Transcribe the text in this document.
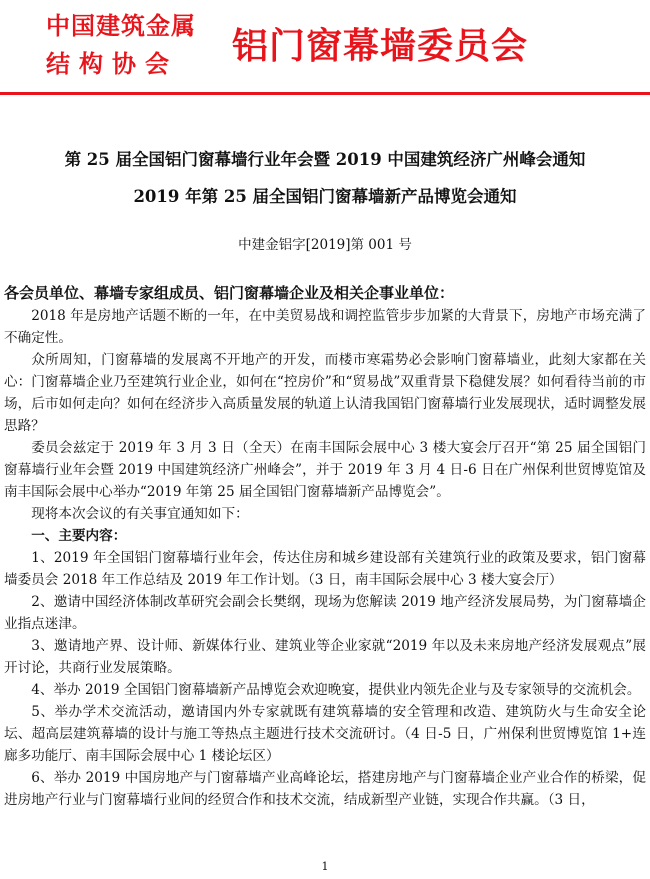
中国建筑金属
结构协会 铝门窗幕墙委员会
第 25 届全国铝门窗幕墙行业年会暨 2019 中国建筑经济广州峰会通知
2019 年第 25 届全国铝门窗幕墙新产品博览会通知
中建金铝字[2019]第 001 号
各会员单位、幕墙专家组成员、铝门窗幕墙企业及相关企事业单位：

2018 年是房地产话题不断的一年，在中美贸易战和调控监管步步加紧的大背景下，房地产市场充满了不确定性。

众所周知，门窗幕墙的发展离不开地产的开发，而楼市寒霜势必会影响门窗幕墙业，此刻大家都在关心：门窗幕墙企业乃至建筑行业企业，如何在“控房价”和“贸易战”双重背景下稳健发展？如何看待当前的市场，后市如何走向？如何在经济步入高质量发展的轨道上认清我国铝门窗幕墙行业发展现状，适时调整发展思路？

委员会兹定于 2019 年 3 月 3 日（全天）在南丰国际会展中心 3 楼大宴会厅召开“第 25 届全国铝门窗幕墙行业年会暨 2019 中国建筑经济广州峰会”，并于 2019 年 3 月 4 日-6 日在广州保利世贸博览馆及南丰国际会展中心举办“2019 年第 25 届全国铝门窗幕墙新产品博览会”。

现将本次会议的有关事宜通知如下：

一、主要内容：

1、2019 年全国铝门窗幕墙行业年会，传达住房和城乡建设部有关建筑行业的政策及要求，铝门窗幕墙委员会 2018 年工作总结及 2019 年工作计划。（3 日，南丰国际会展中心 3 楼大宴会厅）

2、邀请中国经济体制改革研究会副会长樊纲，现场为您解读 2019 地产经济发展局势，为门窗幕墙企业指点迷津。

3、邀请地产界、设计师、新媒体行业、建筑业等企业家就“2019 年以及未来房地产经济发展观点”展开讨论，共商行业发展策略。

4、举办 2019 全国铝门窗幕墙新产品博览会欢迎晚宴，提供业内领先企业与及专家领导的交流机会。

5、举办学术交流活动，邀请国内外专家就既有建筑幕墙的安全管理和改造、建筑防火与生命安全论坛、超高层建筑幕墙的设计与施工等热点主题进行技术交流研讨。（4 日-5 日，广州保利世贸博览馆 1+连廊多功能厅、南丰国际会展中心 1 楼论坛区）

6、举办 2019 中国房地产与门窗幕墙产业高峰论坛，搭建房地产与门窗幕墙企业产业合作的桥梁，促进房地产行业与门窗幕墙行业间的经贸合作和技术交流，结成新型产业链，实现合作共赢。（3 日，

1
